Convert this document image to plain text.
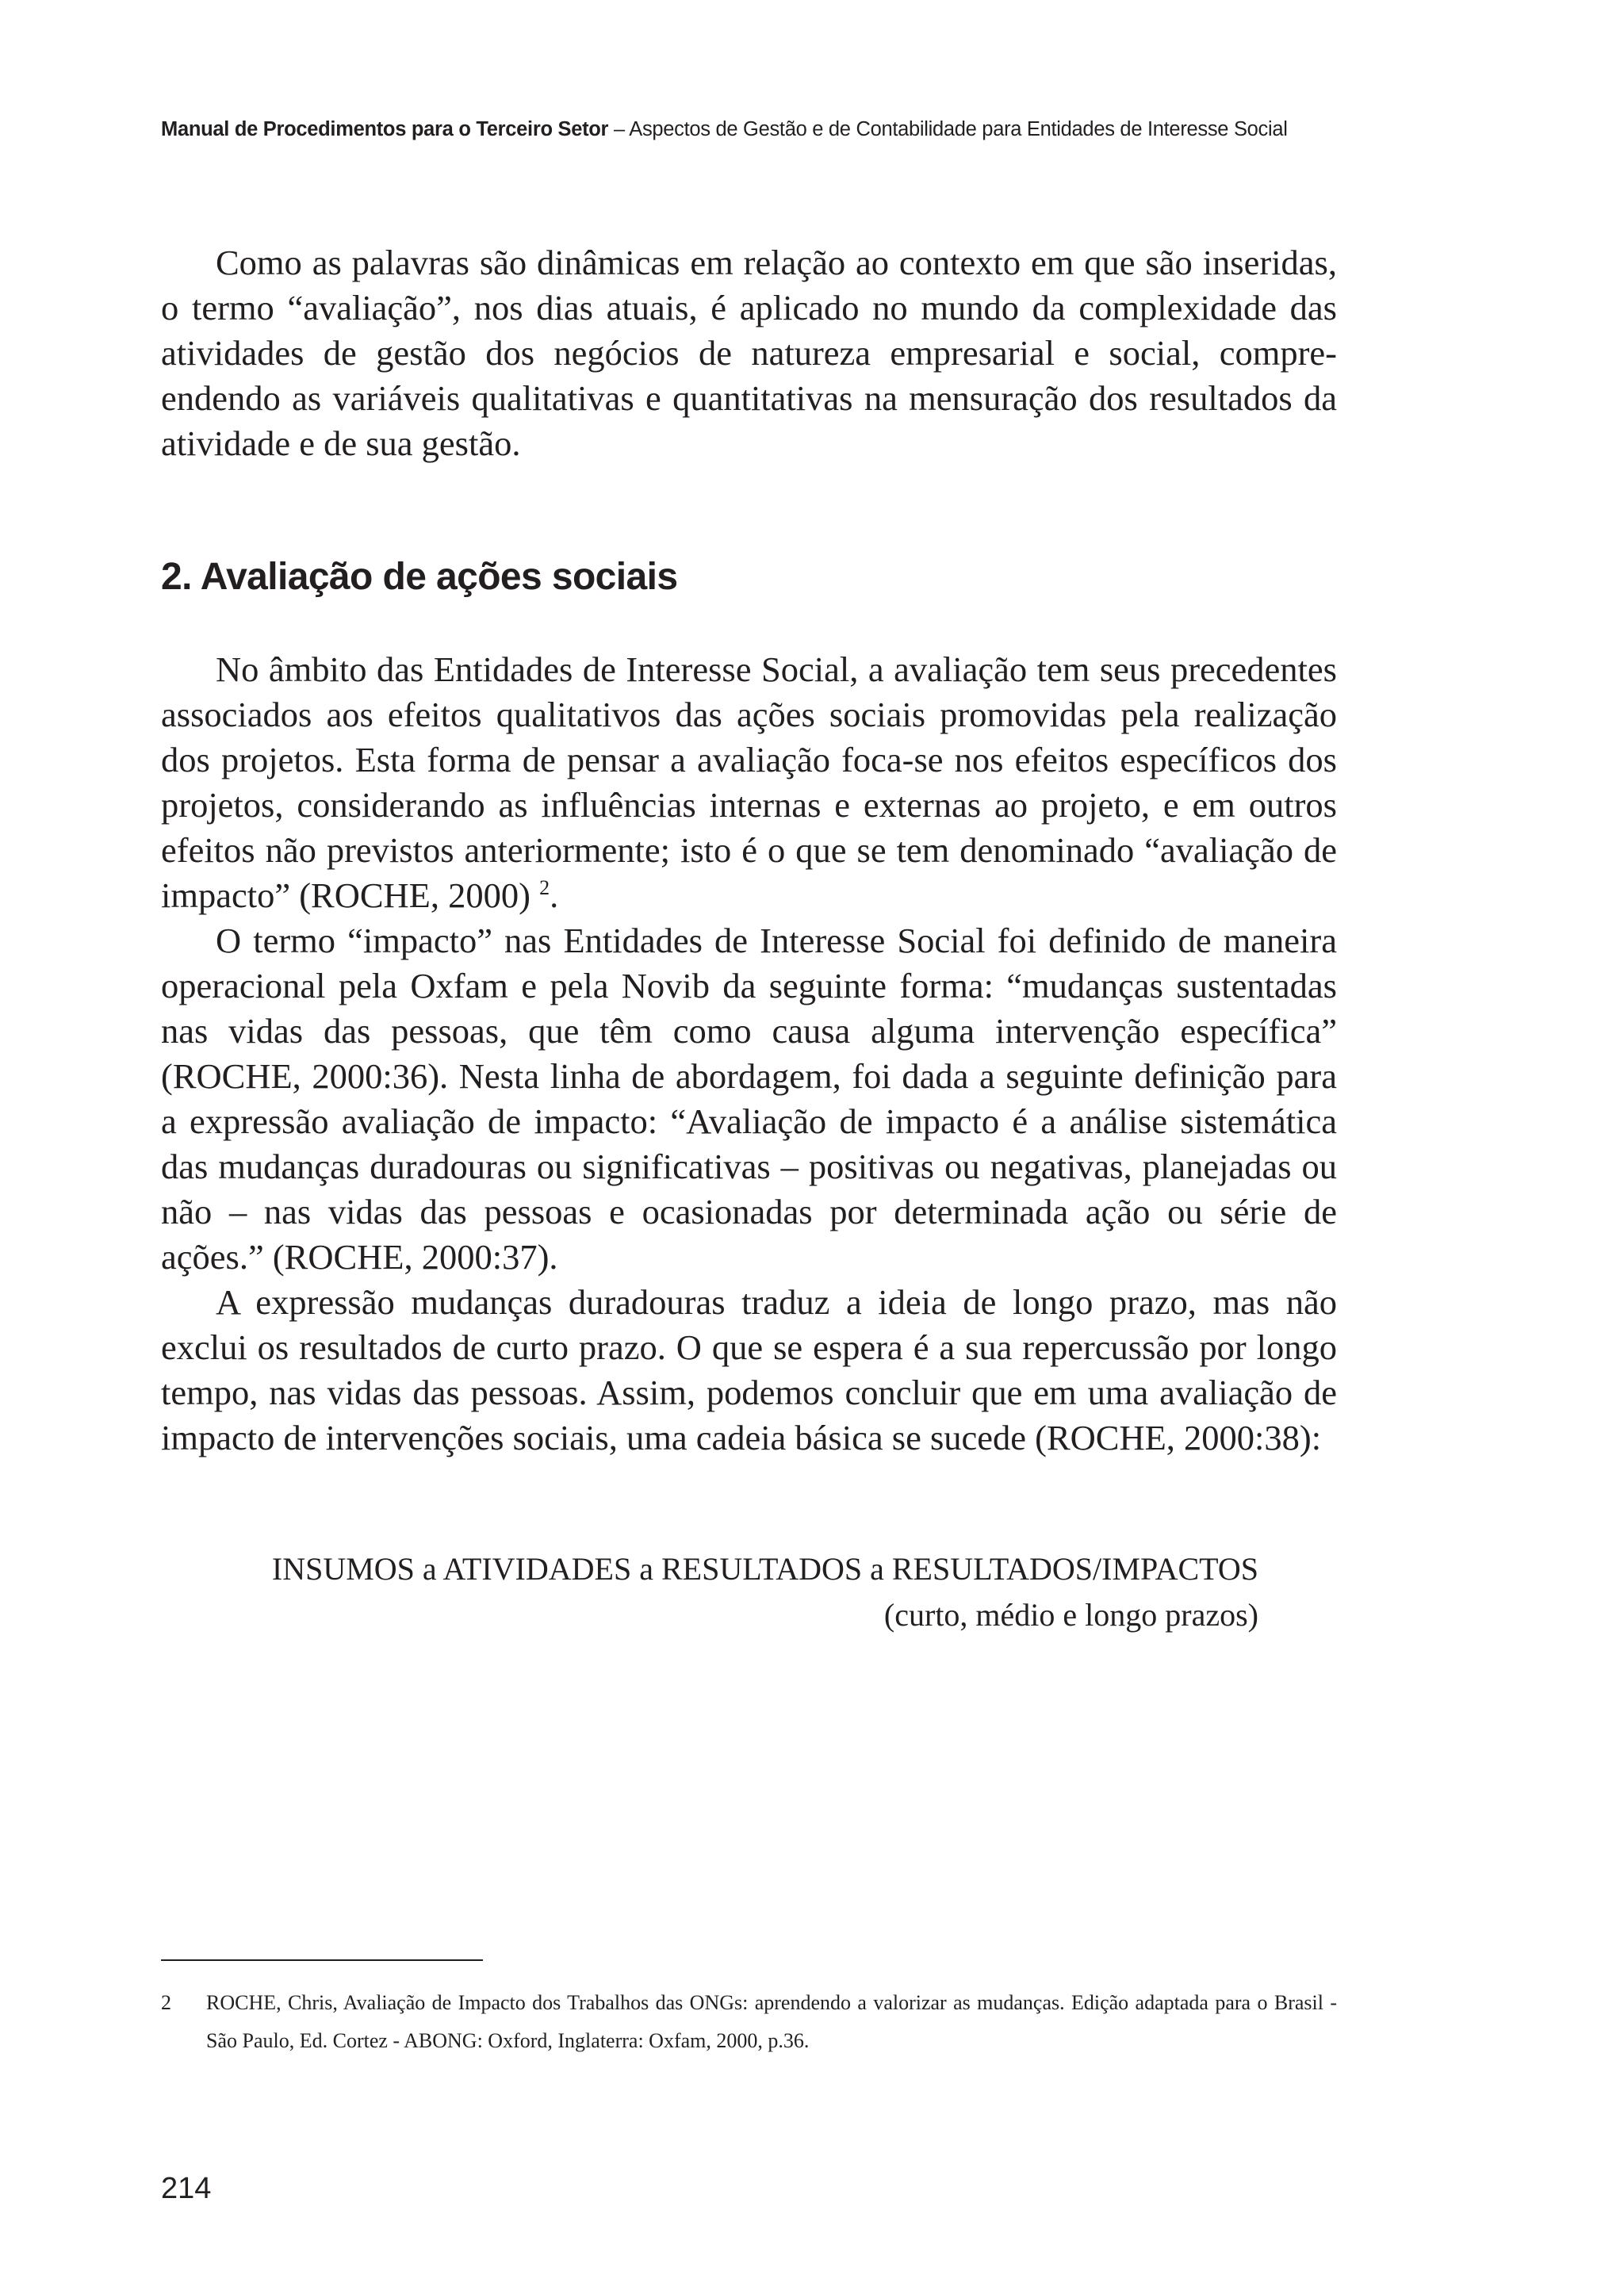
Manual de Procedimentos para o Terceiro Setor – Aspectos de Gestão e de Contabilidade para Entidades de Interesse Social

Como as palavras são dinâmicas em relação ao contexto em que são inseridas, o termo “avaliação”, nos dias atuais, é aplicado no mundo da complexidade das atividades de gestão dos negócios de natureza empresarial e social, compreendendo as variáveis qualitativas e quantitativas na mensuração dos resultados da atividade e de sua gestão.

2. Avaliação de ações sociais

No âmbito das Entidades de Interesse Social, a avaliação tem seus precedentes associados aos efeitos qualitativos das ações sociais promovidas pela realização dos projetos. Esta forma de pensar a avaliação foca-se nos efeitos específicos dos projetos, considerando as influências internas e externas ao projeto, e em outros efeitos não previstos anteriormente; isto é o que se tem denominado “avaliação de impacto” (ROCHE, 2000) $^2$.

O termo “impacto” nas Entidades de Interesse Social foi definido de maneira operacional pela Oxfam e pela Novib da seguinte forma: “mudanças sustentadas nas vidas das pessoas, que têm como causa alguma intervenção específica” (ROCHE, 2000:36). Nesta linha de abordagem, foi dada a seguinte definição para a expressão avaliação de impacto: “Avaliação de impacto é a análise sistemática das mudanças duradouras ou significativas – positivas ou negativas, planejadas ou não – nas vidas das pessoas e ocasionadas por determinada ação ou série de ações.” (ROCHE, 2000:37).

A expressão mudanças duradouras traduz a ideia de longo prazo, mas não exclui os resultados de curto prazo. O que se espera é a sua repercussão por longo tempo, nas vidas das pessoas. Assim, podemos concluir que em uma avaliação de impacto de intervenções sociais, uma cadeia básica se sucede (ROCHE, 2000:38):

INSUMOS a ATIVIDADES a RESULTADOS a RESULTADOS/IMPACTOS
(curto, médio e longo prazos)

2 ROCHE, Chris, Avaliação de Impacto dos Trabalhos das ONGs: aprendendo a valorizar as mudanças. Edição adaptada para o Brasil - São Paulo, Ed. Cortez - ABONG: Oxford, Inglaterra: Oxfam, 2000, p.36.

214
